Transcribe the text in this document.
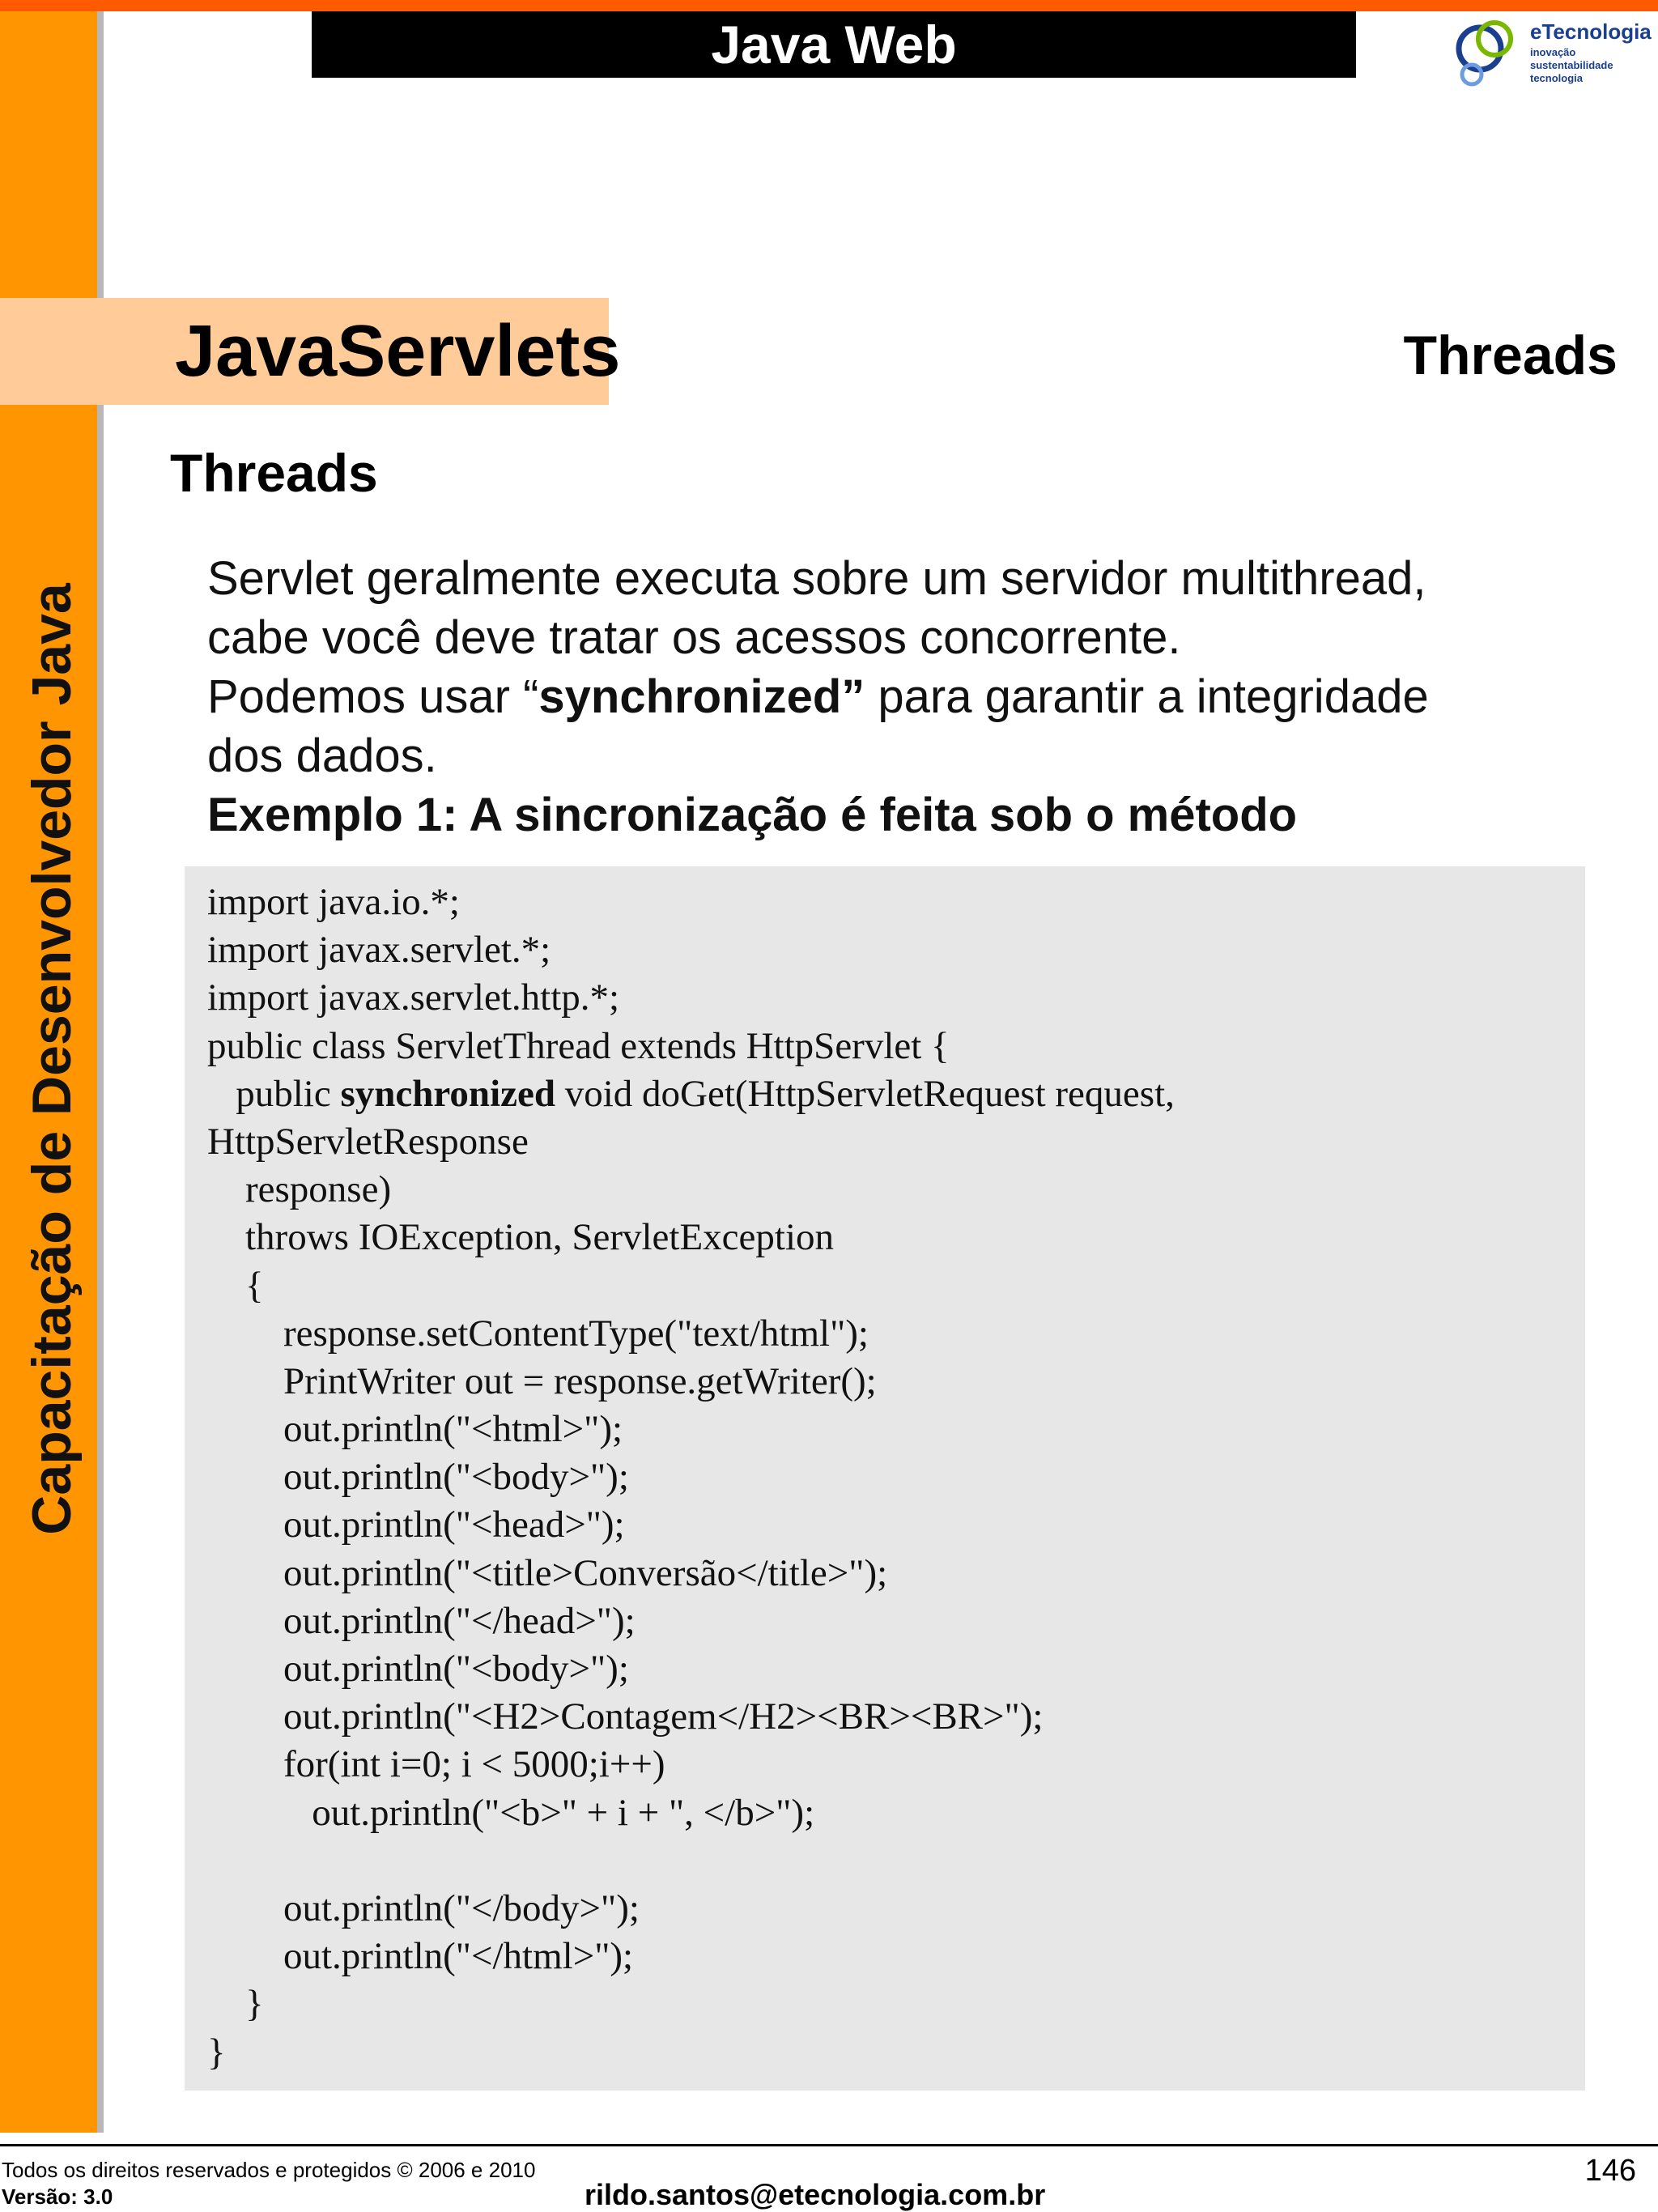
Capacitação de Desenvolvedor Java
Java Web	eTecnologia
inovação
sustentabilidade
tecnologia
JavaServlets	Threads
Threads

Servlet geralmente executa sobre um servidor multithread,

cabe você deve tratar os acessos concorrente.

Podemos usar “synchronized” para garantir a integridade

dos dados.

Exemplo 1: A sincronização é feita sob o método

import java.io.*;
import javax.servlet.*;
import javax.servlet.http.*;
public class ServletThread extends HttpServlet {
public synchronized void doGet(HttpServletRequest request,
HttpServletResponse
response)
throws IOException, ServletException
{
response.setContentType("text/html");
PrintWriter out = response.getWriter();
out.println("<html>");
out.println("<body>");
out.println("<head>");
out.println("<title>Conversão</title>");
out.println("</head>");
out.println("<body>");
out.println("<H2>Contagem</H2><BR><BR>");
for(int i=0; i < 5000;i++)
out.println("<b>" + i + ", </b>");
out.println("</body>");
out.println("</html>");
}
}
Todos os direitos reservados e protegidos © 2006 e 2010
Versão: 3.0	rildo.santos@etecnologia.com.br
146
